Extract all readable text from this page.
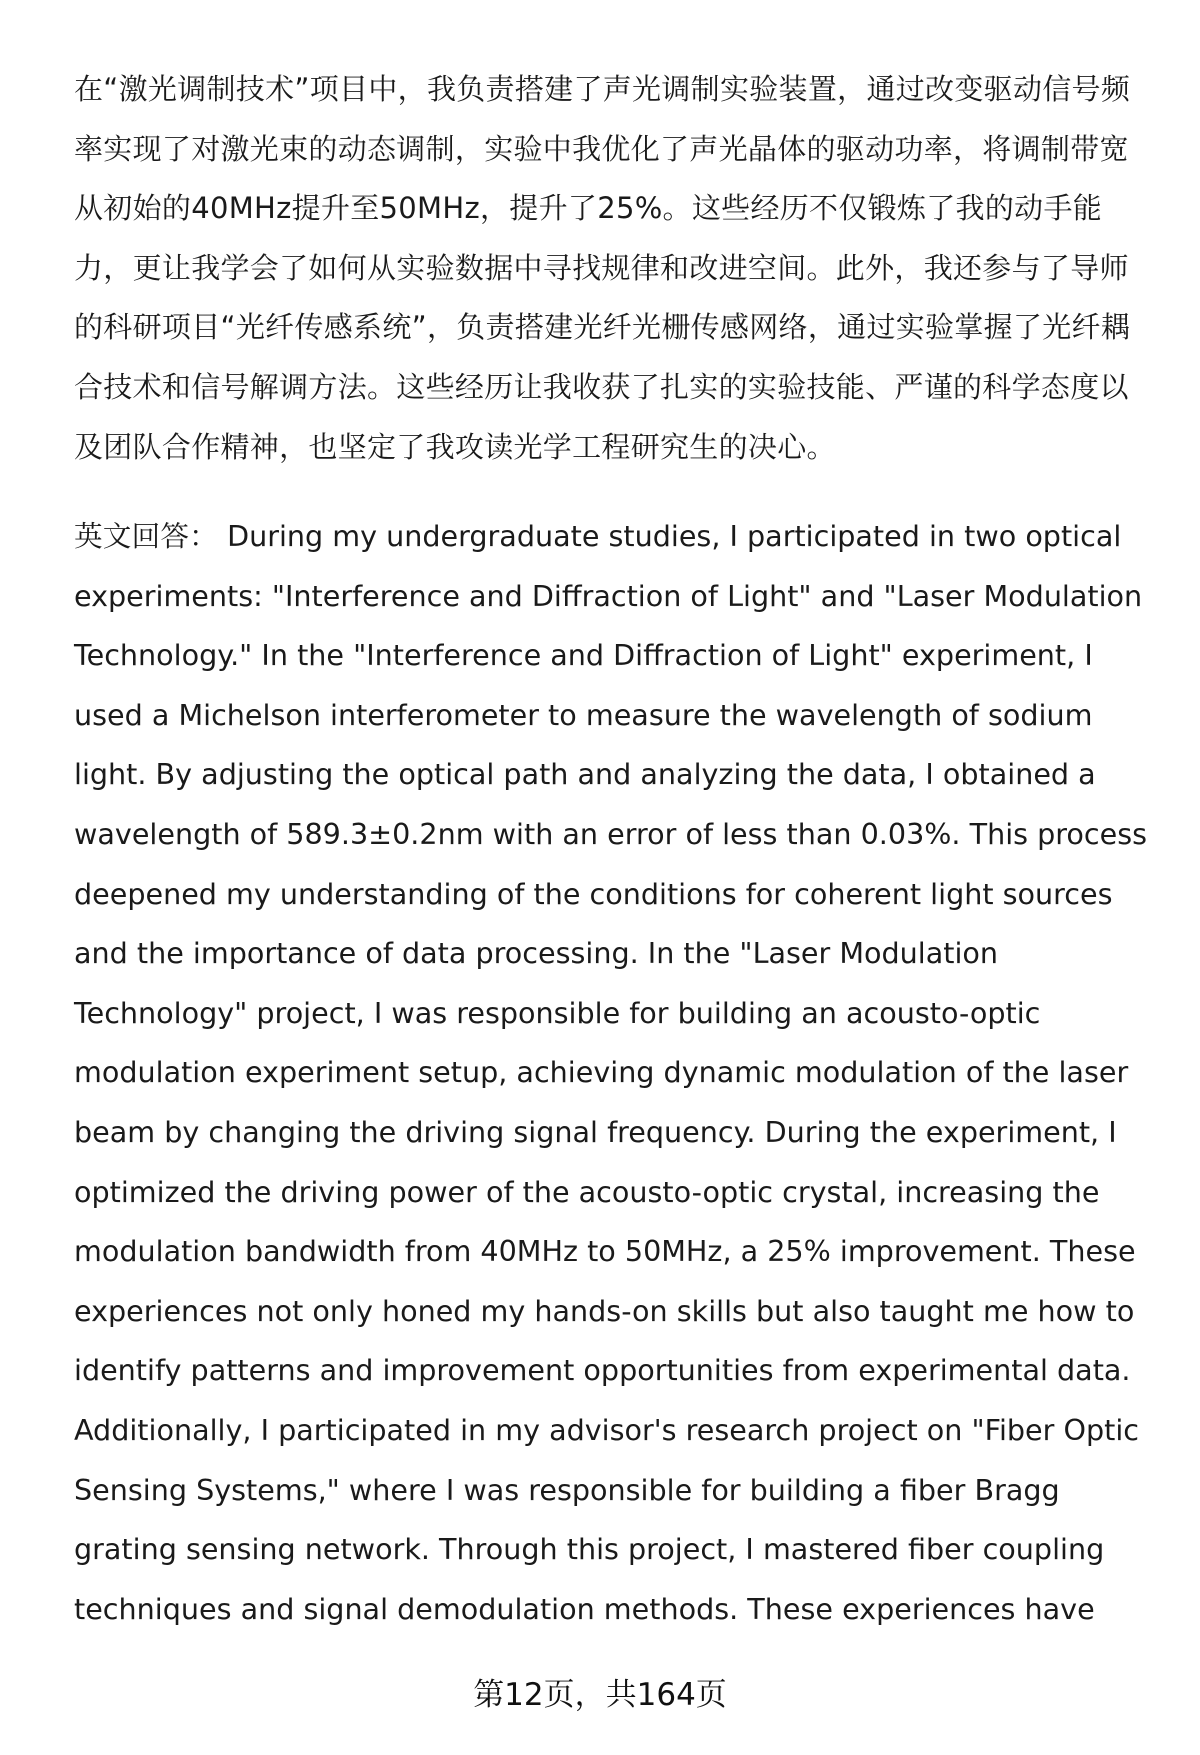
在“激光调制技术”项目中，我负责搭建了声光调制实验装置，通过改变驱动信号频率实现了对激光束的动态调制，实验中我优化了声光晶体的驱动功率，将调制带宽从初始的40MHz提升至50MHz，提升了25%。这些经历不仅锻炼了我的动手能力，更让我学会了如何从实验数据中寻找规律和改进空间。此外，我还参与了导师的科研项目“光纤传感系统”，负责搭建光纤光栅传感网络，通过实验掌握了光纤耦合技术和信号解调方法。这些经历让我收获了扎实的实验技能、严谨的科学态度以及团队合作精神，也坚定了我攻读光学工程研究生的决心。

英文回答： During my undergraduate studies, I participated in two optical experiments: "Interference and Diffraction of Light" and "Laser Modulation Technology." In the "Interference and Diffraction of Light" experiment, I used a Michelson interferometer to measure the wavelength of sodium light. By adjusting the optical path and analyzing the data, I obtained a wavelength of 589.3±0.2nm with an error of less than 0.03%. This process deepened my understanding of the conditions for coherent light sources and the importance of data processing. In the "Laser Modulation Technology" project, I was responsible for building an acousto-optic modulation experiment setup, achieving dynamic modulation of the laser beam by changing the driving signal frequency. During the experiment, I optimized the driving power of the acousto-optic crystal, increasing the modulation bandwidth from 40MHz to 50MHz, a 25% improvement. These experiences not only honed my hands-on skills but also taught me how to identify patterns and improvement opportunities from experimental data. Additionally, I participated in my advisor's research project on "Fiber Optic Sensing Systems," where I was responsible for building a fiber Bragg grating sensing network. Through this project, I mastered fiber coupling techniques and signal demodulation methods. These experiences have

第12页，共164页
